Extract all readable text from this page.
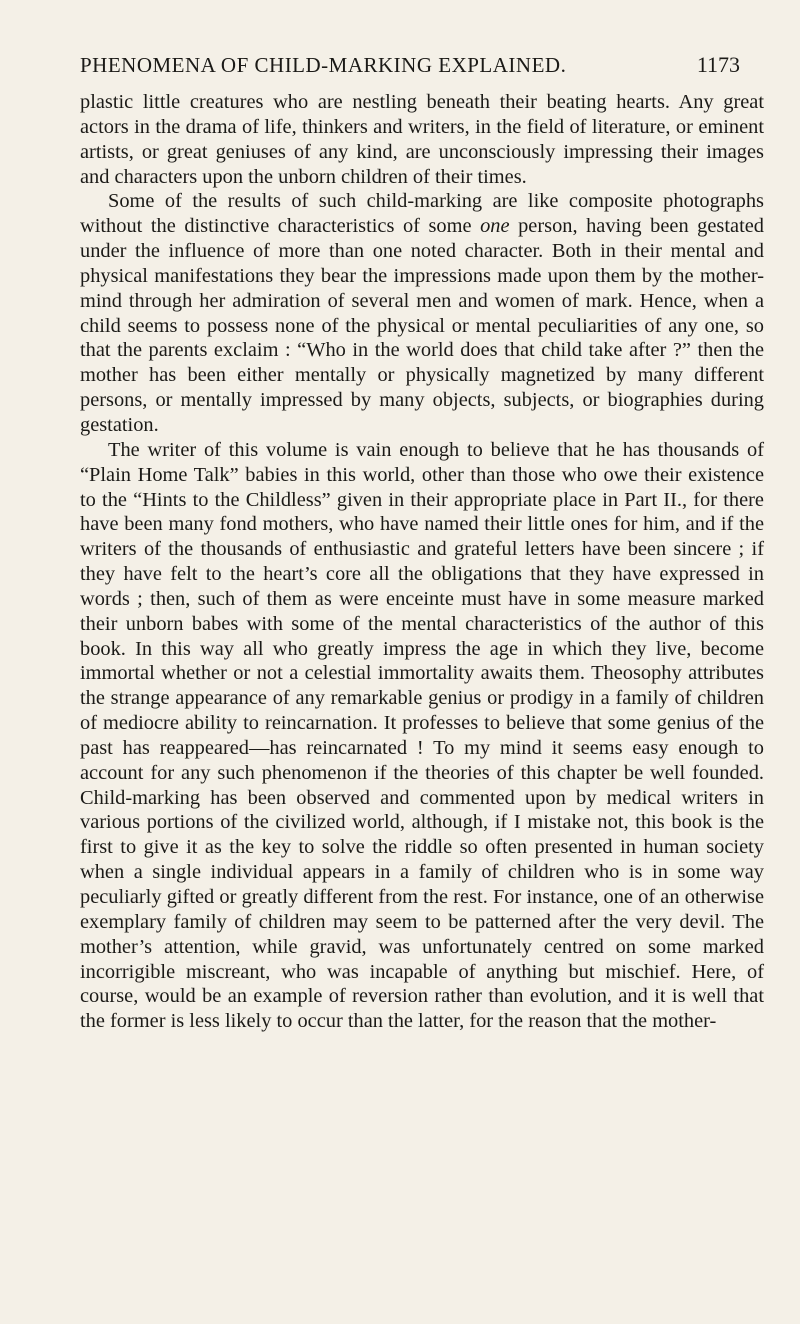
PHENOMENA OF CHILD-MARKING EXPLAINED.	1173

plastic little creatures who are nestling beneath their beating hearts. Any great actors in the drama of life, thinkers and writers, in the field of literature, or eminent artists, or great geniuses of any kind, are unconsciously impressing their images and characters upon the unborn children of their times.

Some of the results of such child-marking are like composite photographs without the distinctive characteristics of some one person, having been gestated under the influence of more than one noted character. Both in their mental and physical manifestations they bear the impressions made upon them by the mother-mind through her admiration of several men and women of mark. Hence, when a child seems to possess none of the physical or mental peculiarities of any one, so that the parents exclaim : “Who in the world does that child take after ?” then the mother has been either mentally or physically magnetized by many different persons, or mentally impressed by many objects, subjects, or biographies during gestation.

The writer of this volume is vain enough to believe that he has thousands of “Plain Home Talk” babies in this world, other than those who owe their existence to the “Hints to the Childless” given in their appropriate place in Part II., for there have been many fond mothers, who have named their little ones for him, and if the writers of the thousands of enthusiastic and grateful letters have been sincere ; if they have felt to the heart’s core all the obligations that they have expressed in words ; then, such of them as were enceinte must have in some measure marked their unborn babes with some of the mental characteristics of the author of this book. In this way all who greatly impress the age in which they live, become immortal whether or not a celestial immortality awaits them. Theosophy attributes the strange appearance of any remarkable genius or prodigy in a family of children of mediocre ability to reincarnation. It professes to believe that some genius of the past has reappeared—has reincarnated ! To my mind it seems easy enough to account for any such phenomenon if the theories of this chapter be well founded. Child-marking has been observed and commented upon by medical writers in various portions of the civilized world, although, if I mistake not, this book is the first to give it as the key to solve the riddle so often presented in human society when a single individual appears in a family of children who is in some way peculiarly gifted or greatly different from the rest. For instance, one of an otherwise exemplary family of children may seem to be patterned after the very devil. The mother’s attention, while gravid, was unfortunately centred on some marked incorrigible miscreant, who was incapable of anything but mischief. Here, of course, would be an example of reversion rather than evolution, and it is well that the former is less likely to occur than the latter, for the reason that the mother-
